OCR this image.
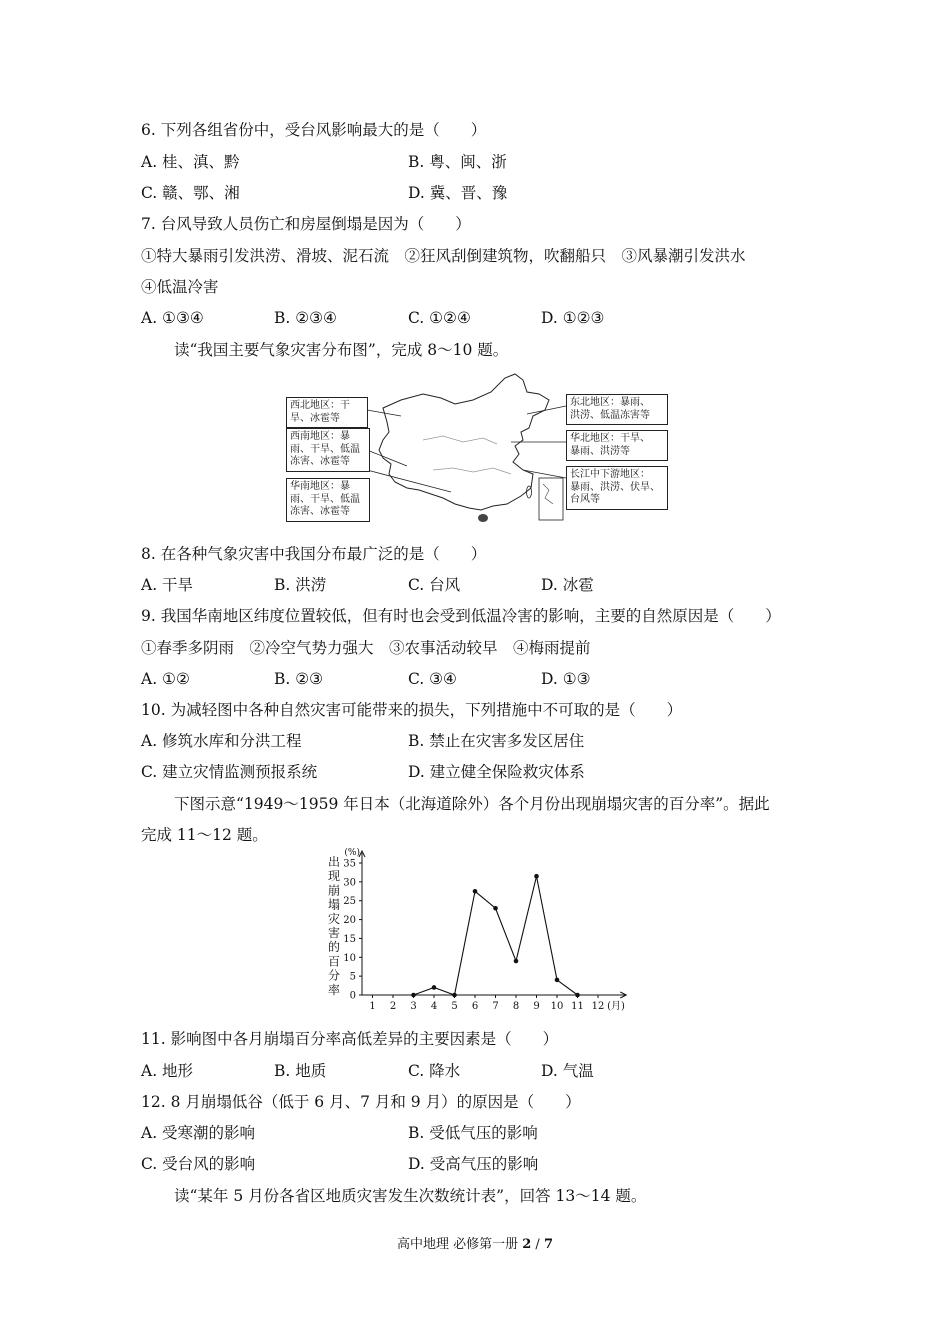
6. 下列各组省份中，受台风影响最大的是（　　）
A. 桂、滇、黔	B. 粤、闽、浙
C. 赣、鄂、湘	D. 冀、晋、豫
7. 台风导致人员伤亡和房屋倒塌是因为（　　）
①特大暴雨引发洪涝、滑坡、泥石流　②狂风刮倒建筑物，吹翻船只　③风暴潮引发洪水
④低温冷害
A. ①③④	B. ②③④	C. ①②④	D. ①②③
读“我国主要气象灾害分布图”，完成 8～10 题。
西北地区：干
旱、冰雹等
西南地区：暴
雨、干旱、低温
冻害、冰雹等
华南地区：暴
雨、干旱、低温
冻害、冰雹等
东北地区：暴雨、
洪涝、低温冻害等
华北地区：干旱、
暴雨、洪涝等
长江中下游地区：
暴雨、洪涝、伏旱、
台风等
8. 在各种气象灾害中我国分布最广泛的是（　　）
A. 干旱	B. 洪涝	C. 台风	D. 冰雹
9. 我国华南地区纬度位置较低，但有时也会受到低温冷害的影响，主要的自然原因是（　　）
①春季多阴雨　②冷空气势力强大　③农事活动较早　④梅雨提前
A. ①②	B. ②③	C. ③④	D. ①③
10. 为减轻图中各种自然灾害可能带来的损失，下列措施中不可取的是（　　）
A. 修筑水库和分洪工程	B. 禁止在灾害多发区居住
C. 建立灾情监测预报系统	D. 建立健全保险救灾体系
下图示意“1949～1959 年日本（北海道除外）各个月份出现崩塌灾害的百分率”。据此
完成 11～12 题。
0
5
10
15
20
25
30
35
(%)
出
现
崩
塌
灾
害
的
百
分
率
1 2 3 4 5 6 7 8 9 10 11 12 (月)
11. 影响图中各月崩塌百分率高低差异的主要因素是（　　）
A. 地形	B. 地质	C. 降水	D. 气温
12. 8 月崩塌低谷（低于 6 月、7 月和 9 月）的原因是（　　）
A. 受寒潮的影响	B. 受低气压的影响
C. 受台风的影响	D. 受高气压的影响
读“某年 5 月份各省区地质灾害发生次数统计表”，回答 13～14 题。
高中地理 必修第一册 2 / 7
